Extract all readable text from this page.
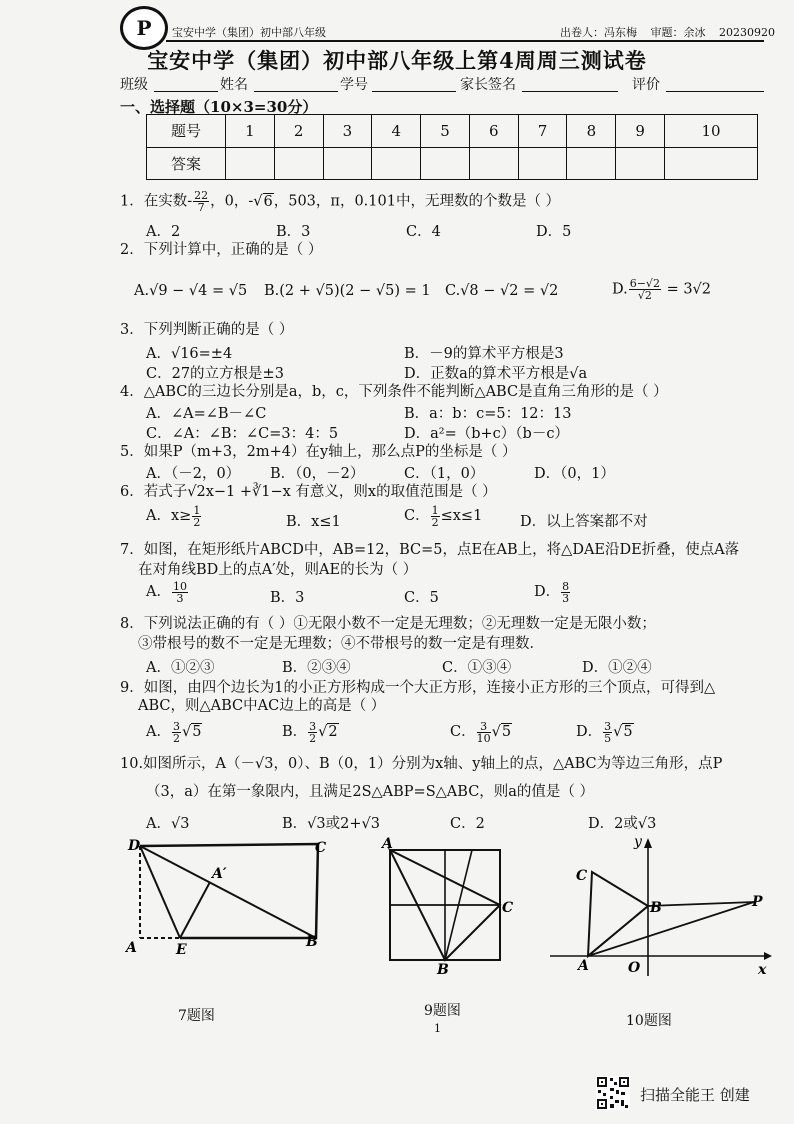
P 宝安中学（集团）初中部八年级	出卷人：冯东梅 审题：余冰 20230920
宝安中学（集团）初中部八年级上第4周周三测试卷
班级	姓名	学号	家长签名	评价
一、选择题（10×3=30分）
题号	1	2	3	4	5	6	7	8	9	10
答案										
1．在实数- $\frac{22}{7}$ ，0，-√6，503，π，0.101中，无理数的个数是（ ）
A．2	B．3	C．4	D．5
2．下列计算中，正确的是（ ）
A.√9 − √4 = √5 B.(2 + √5)(2 − √5) = 1 C.√8 − √2 = √2	D. $\frac{6-√2}{√2} = 3√2$
3．下列判断正确的是（ ）
A．√16=±4	B．－9的算术平方根是3
C．27的立方根是±3	D．正数a的算术平方根是√a
4．△ABC的三边长分别是a，b，c，下列条件不能判断△ABC是直角三角形的是（ ）
A．∠A=∠B－∠C	B．a：b：c=5：12：13
C．∠A：∠B：∠C=3：4：5	D．a²=（b+c）（b－c）
5．如果P（m+3，2m+4）在y轴上，那么点P的坐标是（ ）
A．（－2，0） B．（0，－2）	C．（1，0）	D．（0，1）
6．若式子√2x−1 +∛1−x 有意义，则x的取值范围是（ ）
A．$x\ge \frac{1}{2}$	B．x≤1	C． $\frac{1}{2} \le x\le 1$	D．以上答案都不对
7．如图，在矩形纸片ABCD中，AB=12，BC=5，点E在AB上，将△DAE沿DE折叠，使点A落
在对角线BD上的点A′处，则AE的长为（ ）
A． $\frac{10}{3}$	B．3	C．5	D． $\frac{8}{3}$
8．下列说法正确的有（ ）①无限小数不一定是无理数；②无理数一定是无限小数；
③带根号的数不一定是无理数；④不带根号的数一定是有理数．
A．①②③	B．②③④	C．①③④	D．①②④
9．如图，由四个边长为1的小正方形构成一个大正方形，连接小正方形的三个顶点，可得到△
ABC，则△ABC中AC边上的高是（ ）
A． $\frac{3}{2} √5$	B． $\frac{3}{2} √2$	C． $\frac{3}{10} √5$	D． $\frac{3}{5} √5$
10.如图所示，A（－√3，0）、B（0，1）分别为x轴、y轴上的点，△ABC为等边三角形，点P
（3，a）在第一象限内，且满足2S△ABP=S△ABC，则a的值是（ ）
A．√3	B．√3或2+√3	C．2	D．2或√3
D	C
A′
A	E	B
7题图
A
C
B
9题图
y
C
B	P
A	O	x
10题图
1
扫描全能王 创建
